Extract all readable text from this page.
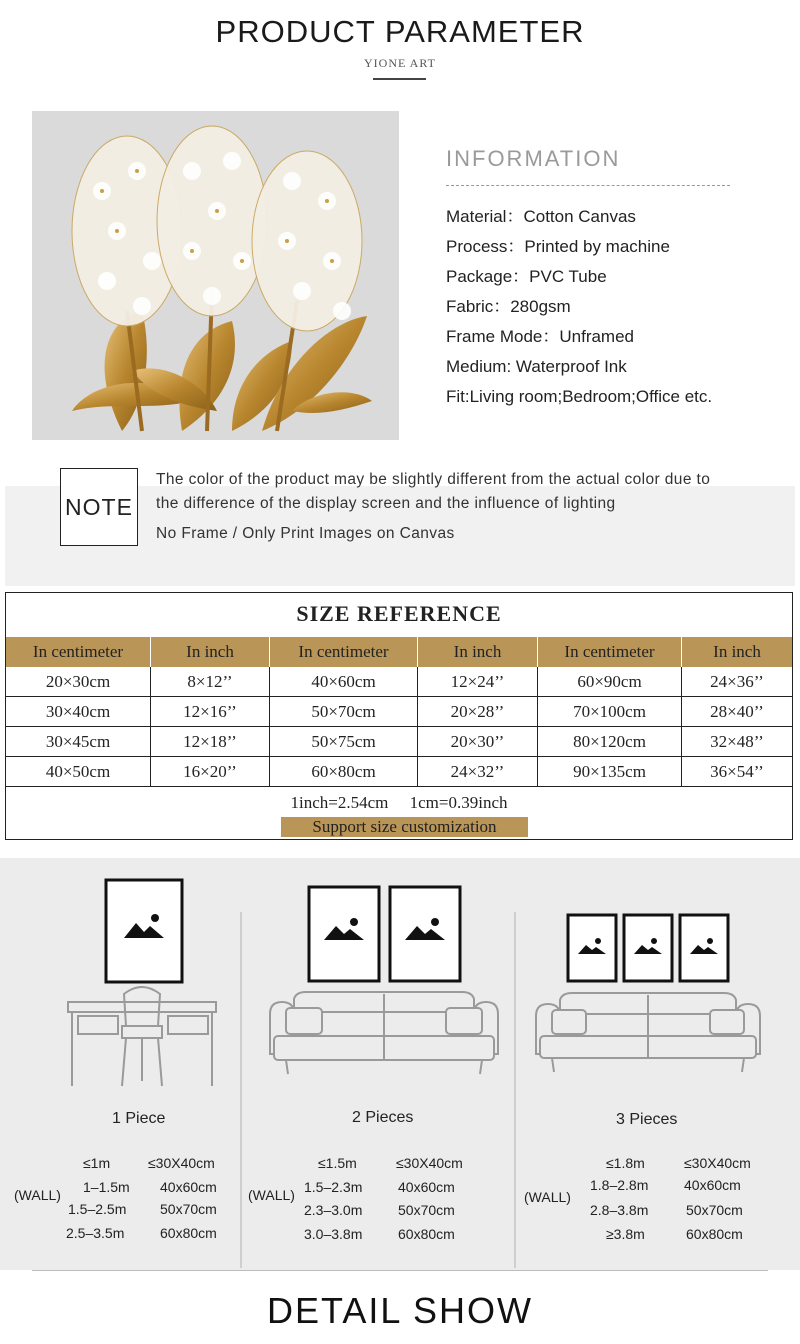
PRODUCT PARAMETER
YIONE ART
INFORMATION
Material：Cotton Canvas
Process：Printed by machine
Package：PVC Tube
Fabric：280gsm
Frame Mode：Unframed
Medium: Waterproof Ink
Fit:Living room;Bedroom;Office etc.
NOTE
The color of the product may be slightly different from the actual color due to
the difference of the display screen and the influence of lighting
No Frame / Only Print Images on Canvas
SIZE REFERENCE
In centimeter	In inch	In centimeter	In inch	In centimeter	In inch
20×30cm	8×12’’	40×60cm	12×24’’	60×90cm	24×36’’
30×40cm	12×16’’	50×70cm	20×28’’	70×100cm	28×40’’
30×45cm	12×18’’	50×75cm	20×30’’	80×120cm	32×48’’
40×50cm	16×20’’	60×80cm	24×32’’	90×135cm	36×54’’
1inch=2.54cm     1cm=0.39inch
Support size customization
1 Piece	2 Pieces	3 Pieces
(WALL)
≤1m	≤30X40cm
1–1.5m 40x60cm
1.5–2.5m 50x70cm
2.5–3.5m	60x80cm
(WALL)
≤1.5m	≤30X40cm
1.5–2.3m	40x60cm
2.3–3.0m	50x70cm
3.0–3.8m	60x80cm
(WALL)
≤1.8m	≤30X40cm
1.8–2.8m	40x60cm
2.8–3.8m	50x70cm
≥3.8m	60x80cm
DETAIL SHOW
